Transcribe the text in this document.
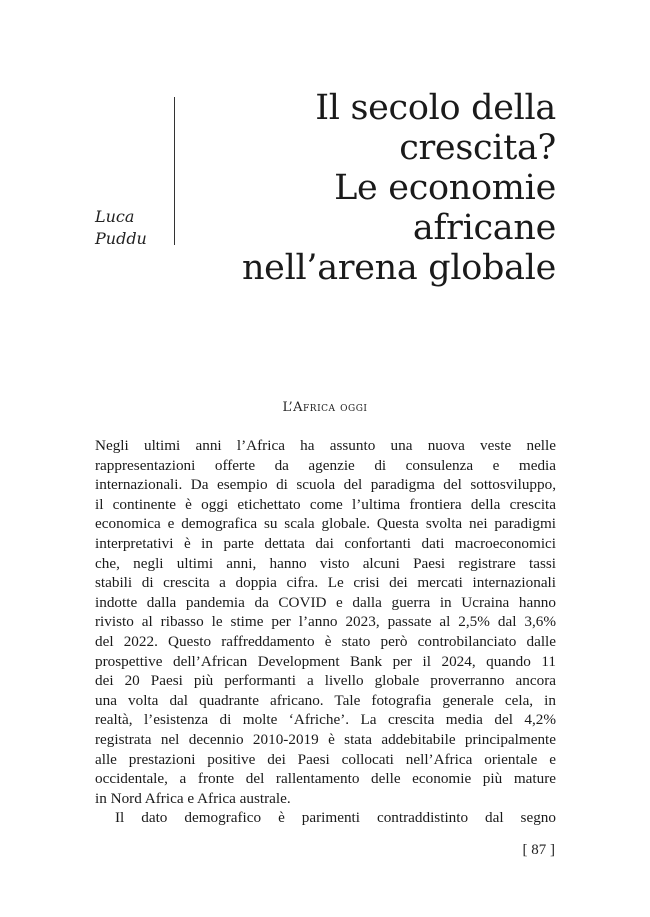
Luca
Puddu
Il secolo della
crescita?
Le economie africane
nell’arena globale
L’Africa oggi
Negli ultimi anni l’Africa ha assunto una nuova veste nelle
rappresentazioni offerte da agenzie di consulenza e media
internazionali. Da esempio di scuola del paradigma del sottosviluppo,
il continente è oggi etichettato come l’ultima frontiera della crescita
economica e demografica su scala globale. Questa svolta nei paradigmi
interpretativi è in parte dettata dai confortanti dati macroeconomici
che, negli ultimi anni, hanno visto alcuni Paesi registrare tassi
stabili di crescita a doppia cifra. Le crisi dei mercati internazionali
indotte dalla pandemia da COVID e dalla guerra in Ucraina hanno
rivisto al ribasso le stime per l’anno 2023, passate al 2,5% dal 3,6%
del 2022. Questo raffreddamento è stato però controbilanciato dalle
prospettive dell’African Development Bank per il 2024, quando 11
dei 20 Paesi più performanti a livello globale proverranno ancora
una volta dal quadrante africano. Tale fotografia generale cela, in
realtà, l’esistenza di molte ‘Afriche’. La crescita media del 4,2%
registrata nel decennio 2010-2019 è stata addebitabile principalmente
alle prestazioni positive dei Paesi collocati nell’Africa orientale e
occidentale, a fronte del rallentamento delle economie più mature
in Nord Africa e Africa australe.
Il dato demografico è parimenti contraddistinto dal segno
[ 87 ]
